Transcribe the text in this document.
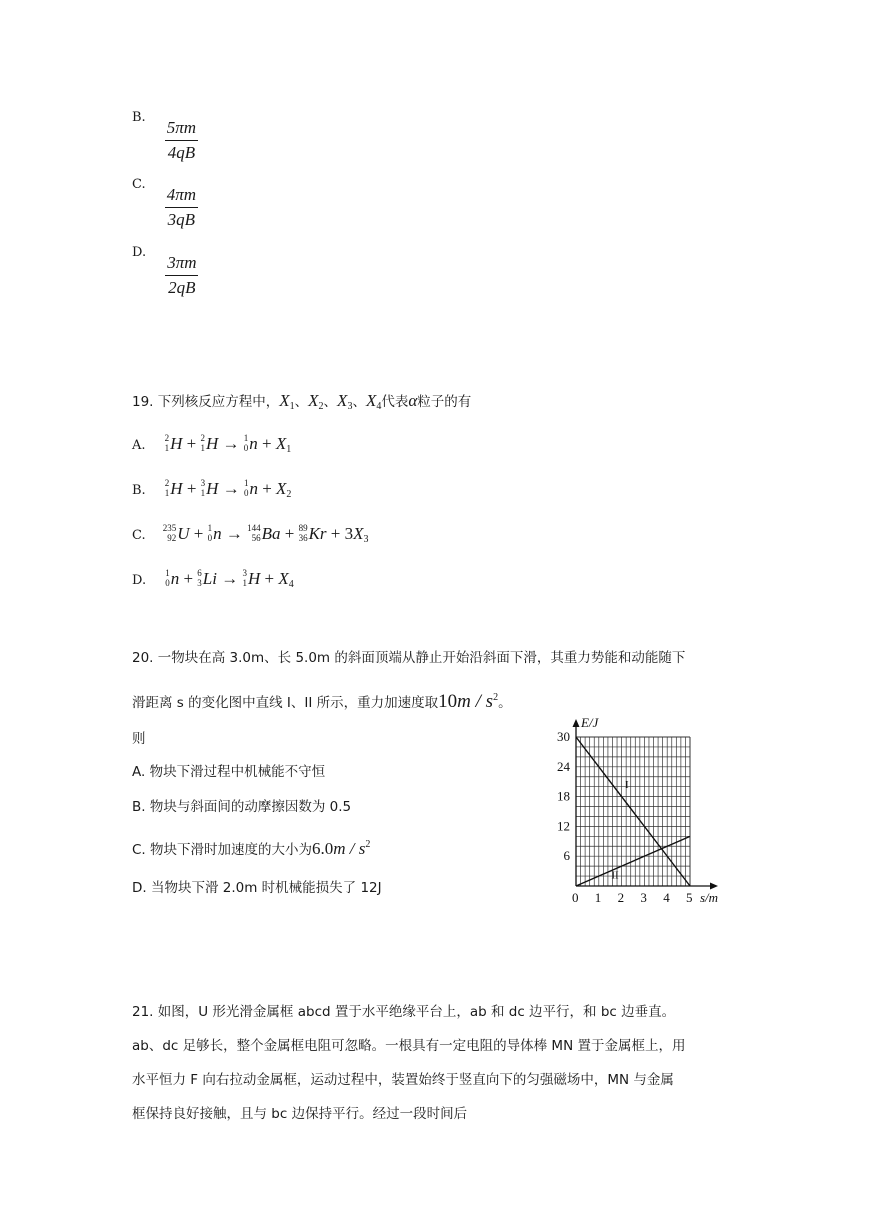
$^{B.}$
$\frac{5\pi m}{4qB}$
$^{C.}$
$\frac{4\pi m}{3qB}$
$^{D.}$
$\frac{3\pi m}{2qB}$
19. 下列核反应方程中，$X_1$、$X_2$、$X_3$、$X_4$代表α粒子的有
A. 2
1 H + 2
1 H → 1
0 $n + X_1$
B. 2
1 H + 3
1 H → 1
0 $n + X_2$
C. 235
92 U + 1
0 n → 144
56 Ba + 89
36 $Kr + 3X_3$
D. 1
0 n + 6
3 Li → 3
1 $H + X_4$
20. 一物块在高 3.0m、长 5.0m 的斜面顶端从静止开始沿斜面下滑，其重力势能和动能随下
滑距离 s 的变化图中直线 I、II 所示，重力加速度取$10m / s^2$。
则
A. 物块下滑过程中机械能不守恒
B. 物块与斜面间的动摩擦因数为 0.5
C. 物块下滑时加速度的大小为$6.0m / s^2$
D. 当物块下滑 2.0m 时机械能损失了 12J
E/J
s/m
I
II
0 1 2 3 4 5
6
12
18
24
30
21. 如图，U 形光滑金属框 abcd 置于水平绝缘平台上，ab 和 dc 边平行，和 bc 边垂直。
ab、dc 足够长，整个金属框电阻可忽略。一根具有一定电阻的导体棒 MN 置于金属框上，用
水平恒力 F 向右拉动金属框，运动过程中，装置始终于竖直向下的匀强磁场中，MN 与金属
框保持良好接触，且与 bc 边保持平行。经过一段时间后
